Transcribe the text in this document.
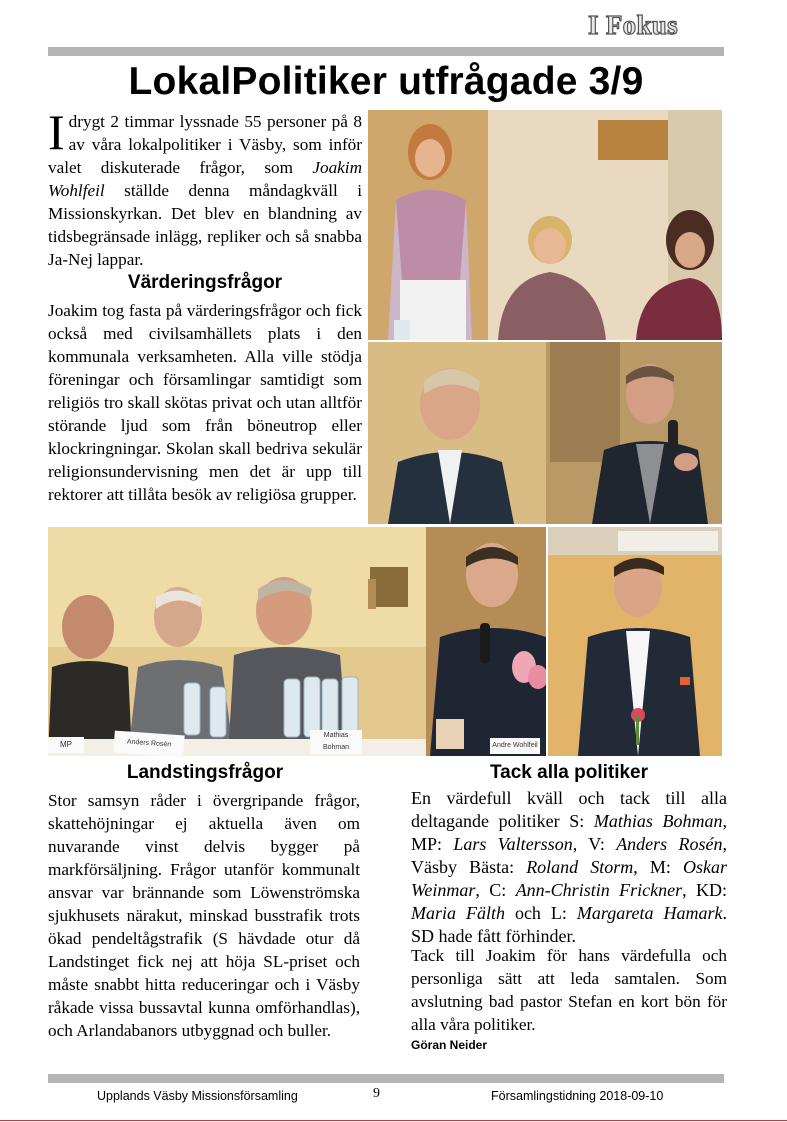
I Fokus
LokalPolitiker utfrågade 3/9

I drygt 2 timmar lyssnade 55 personer på 8 av våra lokalpolitiker i Väsby, som inför valet diskuterade frågor, som Joakim Wohlfeil ställde denna måndagkväll i Missionskyrkan. Det blev en blandning av tidsbegränsade inlägg, repliker och så snabba Ja-Nej lappar.

Värderingsfrågor

Joakim tog fasta på värderingsfrågor och fick också med civilsamhällets plats i den kommunala verksamheten. Alla ville stödja föreningar och församlingar samtidigt som religiös tro skall skötas privat och utan alltför störande ljud som från böneutrop eller klockringningar. Skolan skall bedriva sekulär religionsundervisning men det är upp till rektorer att tillåta besök av religiösa grupper.

MP	Anders Rosén
Mathias Bohman	Andre Wohlfeil
Landstingsfrågor

Stor samsyn råder i övergripande frågor, skattehöjningar ej aktuella även om nuvarande vinst delvis bygger på markförsäljning. Frågor utanför kommunalt ansvar var brännande som Löwenströmska sjukhusets närakut, minskad busstrafik trots ökad pendeltågstrafik (S hävdade otur då Landstinget fick nej att höja SL-priset och måste snabbt hitta reduceringar och i Väsby råkade vissa bussavtal kunna omförhandlas), och Arlandabanors utbyggnad och buller.

Tack alla politiker

En värdefull kväll och tack till alla deltagande politiker S: Mathias Bohman, MP: Lars Valtersson, V: Anders Rosén, Väsby Bästa: Roland Storm, M: Oskar Weinmar, C: Ann-Christin Frickner, KD: Maria Fälth och L: Margareta Hamark. SD hade fått förhinder.

Tack till Joakim för hans värdefulla och personliga sätt att leda samtalen. Som avslutning bad pastor Stefan en kort bön för alla våra politiker.

Göran Neider
Upplands Väsby Missionsförsamling	9	Församlingstidning 2018-09-10
